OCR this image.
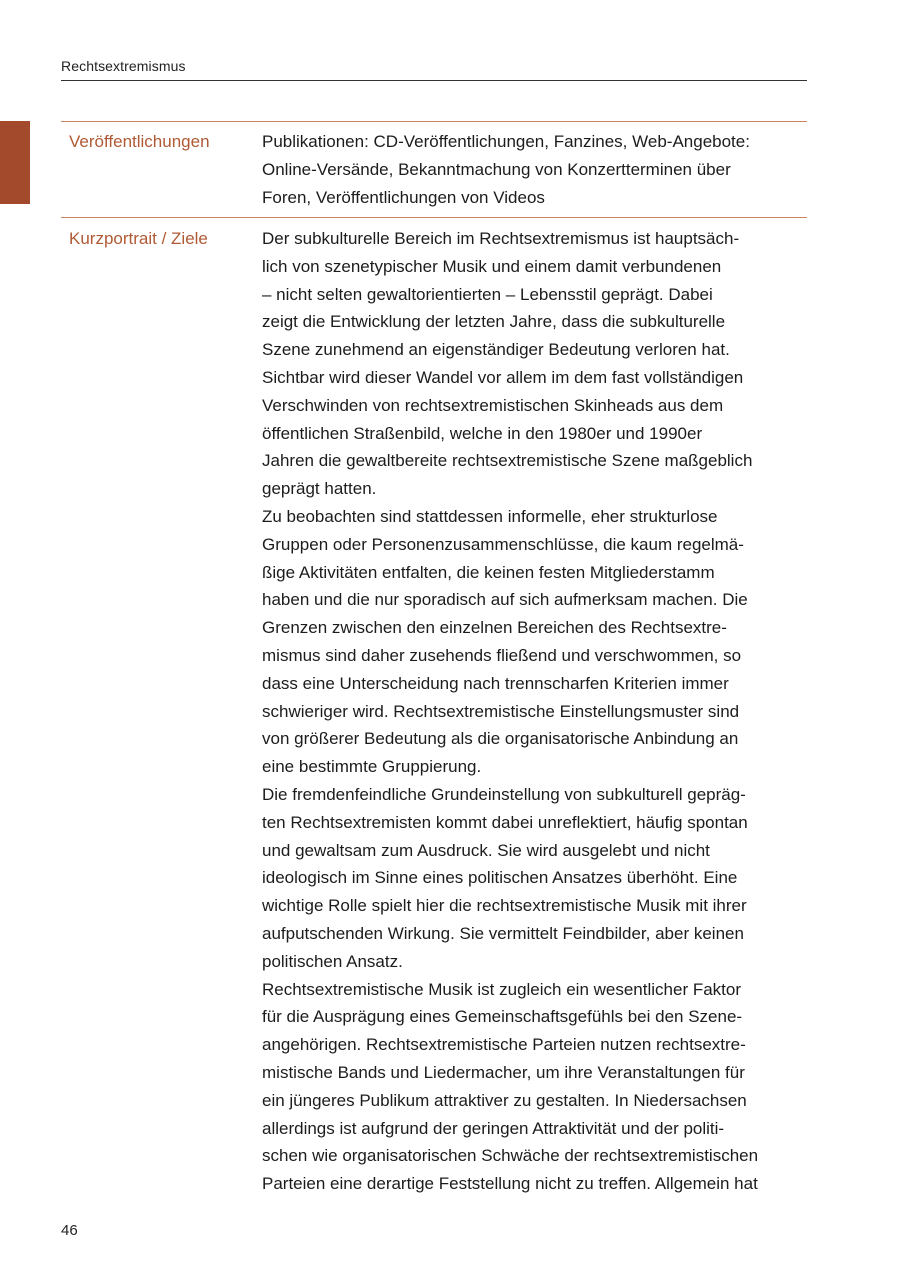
Rechtsextremismus
Veröffentlichungen	Publikationen: CD-Veröffentlichungen, Fanzines, Web-Angebote:
Online-Versände, Bekanntmachung von Konzertterminen über
Foren, Veröffentlichungen von Videos
Kurzportrait / Ziele	Der subkulturelle Bereich im Rechtsextremismus ist hauptsäch-
lich von szenetypischer Musik und einem damit verbundenen
– nicht selten gewaltorientierten – Lebensstil geprägt. Dabei
zeigt die Entwicklung der letzten Jahre, dass die subkulturelle
Szene zunehmend an eigenständiger Bedeutung verloren hat.
Sichtbar wird dieser Wandel vor allem im dem fast vollständigen
Verschwinden von rechtsextremistischen Skinheads aus dem
öffentlichen Straßenbild, welche in den 1980er und 1990er
Jahren die gewaltbereite rechtsextremistische Szene maßgeblich
geprägt hatten.
Zu beobachten sind stattdessen informelle, eher strukturlose
Gruppen oder Personenzusammenschlüsse, die kaum regelmä-
ßige Aktivitäten entfalten, die keinen festen Mitgliederstamm
haben und die nur sporadisch auf sich aufmerksam machen. Die
Grenzen zwischen den einzelnen Bereichen des Rechtsextre-
mismus sind daher zusehends fließend und verschwommen, so
dass eine Unterscheidung nach trennscharfen Kriterien immer
schwieriger wird. Rechtsextremistische Einstellungsmuster sind
von größerer Bedeutung als die organisatorische Anbindung an
eine bestimmte Gruppierung.
Die fremdenfeindliche Grundeinstellung von subkulturell gepräg-
ten Rechtsextremisten kommt dabei unreflektiert, häufig spontan
und gewaltsam zum Ausdruck. Sie wird ausgelebt und nicht
ideologisch im Sinne eines politischen Ansatzes überhöht. Eine
wichtige Rolle spielt hier die rechtsextremistische Musik mit ihrer
aufputschenden Wirkung. Sie vermittelt Feindbilder, aber keinen
politischen Ansatz.
Rechtsextremistische Musik ist zugleich ein wesentlicher Faktor
für die Ausprägung eines Gemeinschaftsgefühls bei den Szene-
angehörigen. Rechtsextremistische Parteien nutzen rechtsextre-
mistische Bands und Liedermacher, um ihre Veranstaltungen für
ein jüngeres Publikum attraktiver zu gestalten. In Niedersachsen
allerdings ist aufgrund der geringen Attraktivität und der politi-
schen wie organisatorischen Schwäche der rechtsextremistischen
Parteien eine derartige Feststellung nicht zu treffen. Allgemein hat
46
